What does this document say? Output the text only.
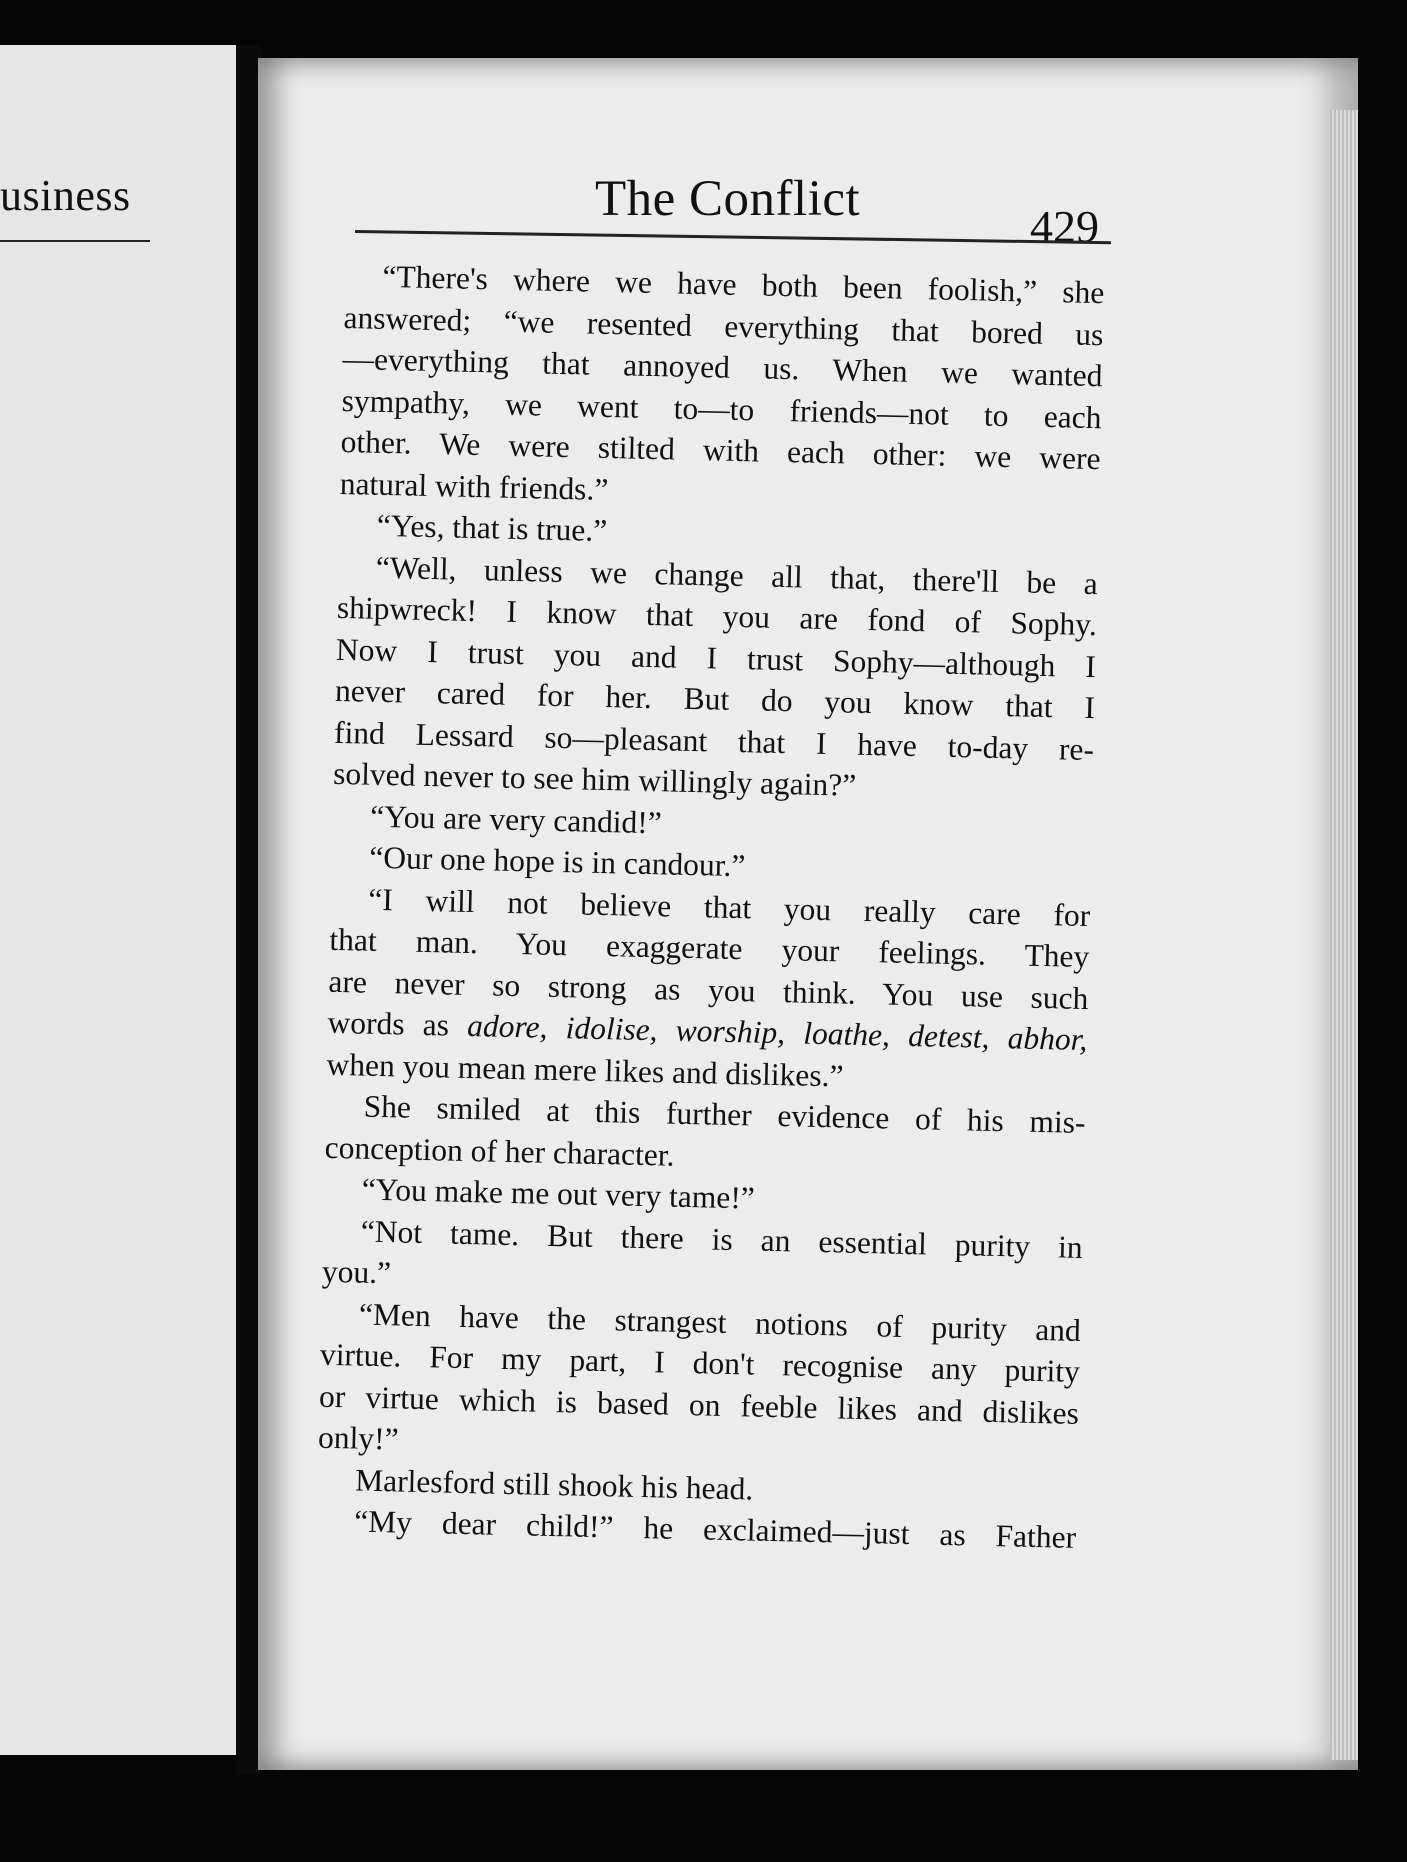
usiness	The Conflict	429
“There's where we have both been foolish,” she
answered; “we resented everything that bored us
—everything that annoyed us. When we wanted
sympathy, we went to—to friends—not to each
other. We were stilted with each other: we were
natural with friends.”
“Yes, that is true.”
“Well, unless we change all that, there'll be a
shipwreck! I know that you are fond of Sophy.
Now I trust you and I trust Sophy—although I
never cared for her. But do you know that I
find Lessard so—pleasant that I have to-day re-
solved never to see him willingly again?”
“You are very candid!”
“Our one hope is in candour.”
“I will not believe that you really care for
that man. You exaggerate your feelings. They
are never so strong as you think. You use such
words as adore, idolise, worship, loathe, detest, abhor,
when you mean mere likes and dislikes.”
She smiled at this further evidence of his mis-
conception of her character.
“You make me out very tame!”
“Not tame. But there is an essential purity in
you.”
“Men have the strangest notions of purity and
virtue. For my part, I don't recognise any purity
or virtue which is based on feeble likes and dislikes
only!”
Marlesford still shook his head.
“My dear child!” he exclaimed—just as Father
